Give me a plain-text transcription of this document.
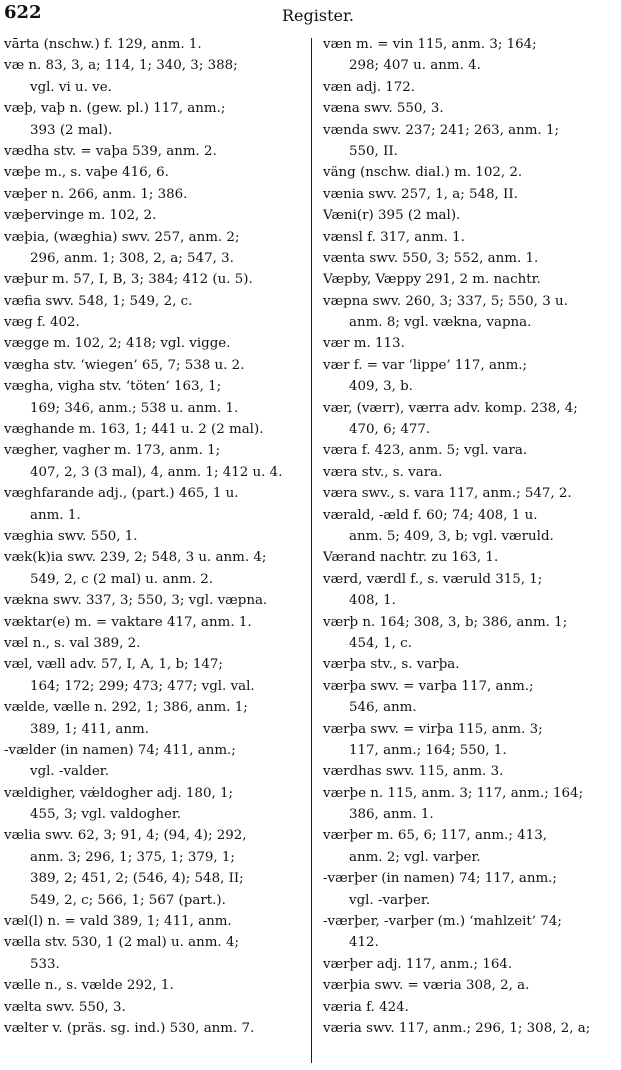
622	Register.
vārta (nschw.) f. 129, anm. 1.
væ n. 83, 3, a; 114, 1; 340, 3; 388;
vgl. vi u. ve.
væþ, vaþ n. (gew. pl.) 117, anm.;
393 (2 mal).
vædha stv. = vaþa 539, anm. 2.
væþe m., s. vaþe 416, 6.
væþer n. 266, anm. 1; 386.
væþervinge m. 102, 2.
væþia, (wæghia) swv. 257, anm. 2;
296, anm. 1; 308, 2, a; 547, 3.
væþur m. 57, I, B, 3; 384; 412 (u. 5).
væfia swv. 548, 1; 549, 2, c.
væg f. 402.
vægge m. 102, 2; 418; vgl. vigge.
vægha stv. ‘wiegen’ 65, 7; 538 u. 2.
vægha, vigha stv. ‘töten’ 163, 1;
169; 346, anm.; 538 u. anm. 1.
væghande m. 163, 1; 441 u. 2 (2 mal).
vægher, vagher m. 173, anm. 1;
407, 2, 3 (3 mal), 4, anm. 1; 412 u. 4.
væghfarande adj., (part.) 465, 1 u.
anm. 1.
væghia swv. 550, 1.
væk(k)ia swv. 239, 2; 548, 3 u. anm. 4;
549, 2, c (2 mal) u. anm. 2.
vækna swv. 337, 3; 550, 3; vgl. væpna.
væktar(e) m. = vaktare 417, anm. 1.
væl n., s. val 389, 2.
væl, væll adv. 57, I, A, 1, b; 147;
164; 172; 299; 473; 477; vgl. val.
vælde, vælle n. 292, 1; 386, anm. 1;
389, 1; 411, anm.
-vælder (in namen) 74; 411, anm.;
vgl. -valder.
vældigher, væ̇ldogher adj. 180, 1;
455, 3; vgl. valdogher.
vælia swv. 62, 3; 91, 4; (94, 4); 292,
anm. 3; 296, 1; 375, 1; 379, 1;
389, 2; 451, 2; (546, 4); 548, II;
549, 2, c; 566, 1; 567 (part.).
væl(l) n. = vald 389, 1; 411, anm.
vælla stv. 530, 1 (2 mal) u. anm. 4;
533.
vælle n., s. vælde 292, 1.
vælta swv. 550, 3.
vælter v. (präs. sg. ind.) 530, anm. 7.
væn m. = vin 115, anm. 3; 164;
298; 407 u. anm. 4.
væn adj. 172.
væna swv. 550, 3.
vænda swv. 237; 241; 263, anm. 1;
550, II.
väng (nschw. dial.) m. 102, 2.
vænia swv. 257, 1, a; 548, II.
Væni(r) 395 (2 mal).
vænsl f. 317, anm. 1.
vænta swv. 550, 3; 552, anm. 1.
Væpby, Væppy 291, 2 m. nachtr.
væpna swv. 260, 3; 337, 5; 550, 3 u.
anm. 8; vgl. vækna, vapna.
vær m. 113.
vær f. = var ‘lippe’ 117, anm.;
409, 3, b.
vær, (værr), værra adv. komp. 238, 4;
470, 6; 477.
væra f. 423, anm. 5; vgl. vara.
væra stv., s. vara.
væra swv., s. vara 117, anm.; 547, 2.
værald, -æld f. 60; 74; 408, 1 u.
anm. 5; 409, 3, b; vgl. væruld.
Værand nachtr. zu 163, 1.
værd, værdl f., s. væruld 315, 1;
408, 1.
værþ n. 164; 308, 3, b; 386, anm. 1;
454, 1, c.
værþa stv., s. varþa.
værþa swv. = varþa 117, anm.;
546, anm.
værþa swv. = virþa 115, anm. 3;
117, anm.; 164; 550, 1.
værdhas swv. 115, anm. 3.
værþe n. 115, anm. 3; 117, anm.; 164;
386, anm. 1.
værþer m. 65, 6; 117, anm.; 413,
anm. 2; vgl. varþer.
-værþer (in namen) 74; 117, anm.;
vgl. -varþer.
-værþer, -varþer (m.) ‘mahlzeit’ 74;
412.
værþer adj. 117, anm.; 164.
værþia swv. = væria 308, 2, a.
væria f. 424.
væria swv. 117, anm.; 296, 1; 308, 2, a;
